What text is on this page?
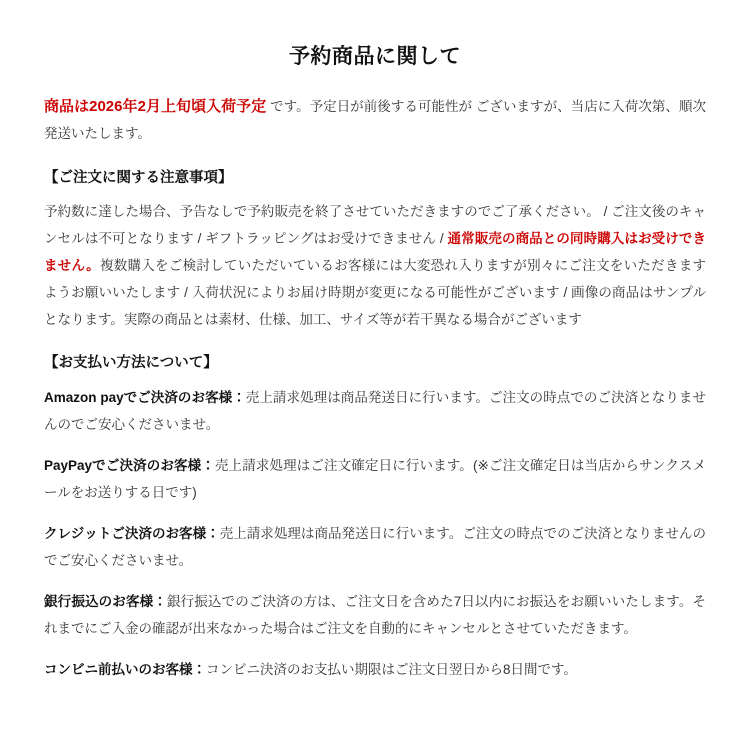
予約商品に関して

商品は2026年2月上旬頃入荷予定 です。予定日が前後する可能性が ございますが、当店に入荷次第、順次発送いたします。

【ご注文に関する注意事項】

予約数に達した場合、予告なしで予約販売を終了させていただきますのでご了承ください。 / ご注文後のキャンセルは不可となります / ギフトラッピングはお受けできません / 通常販売の商品との同時購入はお受けできません。複数購入をご検討していただいているお客様には大変恐れ入りますが別々にご注文をいただきますようお願いいたします / 入荷状況によりお届け時期が変更になる可能性がございます / 画像の商品はサンプルとなります。実際の商品とは素材、仕様、加工、サイズ等が若干異なる場合がございます

【お支払い方法について】

Amazon payでご決済のお客様：売上請求処理は商品発送日に行います。ご注文の時点でのご決済となりませんのでご安心くださいませ。

PayPayでご決済のお客様：売上請求処理はご注文確定日に行います。(※ご注文確定日は当店からサンクスメールをお送りする日です)

クレジットご決済のお客様：売上請求処理は商品発送日に行います。ご注文の時点でのご決済となりませんのでご安心くださいませ。

銀行振込のお客様：銀行振込でのご決済の方は、ご注文日を含めた7日以内にお振込をお願いいたします。それまでにご入金の確認が出来なかった場合はご注文を自動的にキャンセルとさせていただきます。

コンビニ前払いのお客様：コンビニ決済のお支払い期限はご注文日翌日から8日間です。
